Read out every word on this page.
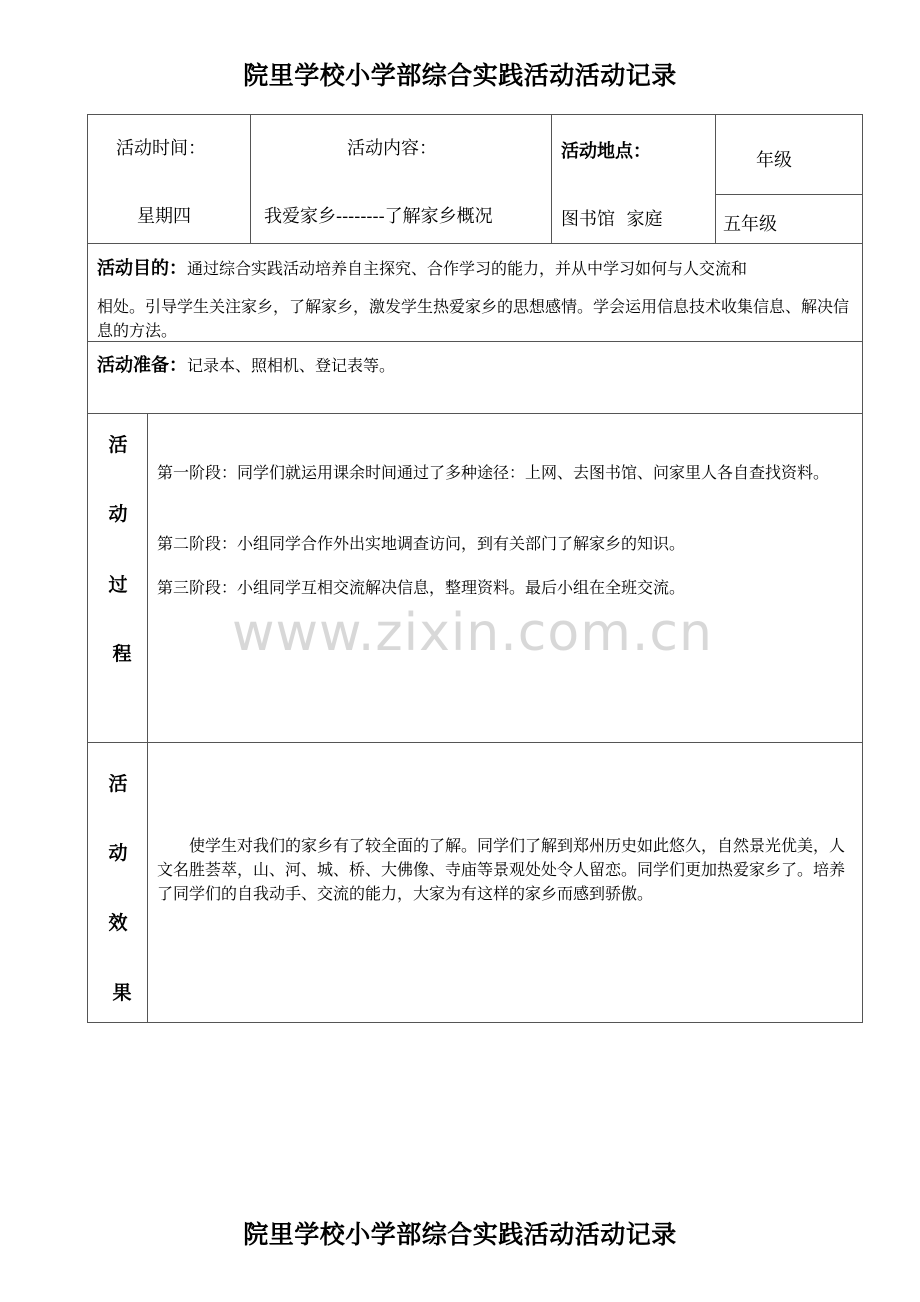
院里学校小学部综合实践活动活动记录
活动时间：
星期四
活动内容：
我爱家乡--------了解家乡概况
活动地点：
图书馆  家庭
年级
五年级
活动目的：通过综合实践活动培养自主探究、合作学习的能力，并从中学习如何与人交流和
相处。引导学生关注家乡，了解家乡，激发学生热爱家乡的思想感情。学会运用信息技术收集信息、解决信息的方法。
活动准备：记录本、照相机、登记表等。
活
动
过
程
第一阶段：同学们就运用课余时间通过了多种途径：上网、去图书馆、问家里人各自查找资料。
第二阶段：小组同学合作外出实地调查访问，到有关部门了解家乡的知识。
第三阶段：小组同学互相交流解决信息，整理资料。最后小组在全班交流。
www.zixin.com.cn
活
动
效
果
使学生对我们的家乡有了较全面的了解。同学们了解到郑州历史如此悠久，自然景光优美，人文名胜荟萃，山、河、城、桥、大佛像、寺庙等景观处处令人留恋。同学们更加热爱家乡了。培养了同学们的自我动手、交流的能力，大家为有这样的家乡而感到骄傲。
院里学校小学部综合实践活动活动记录
